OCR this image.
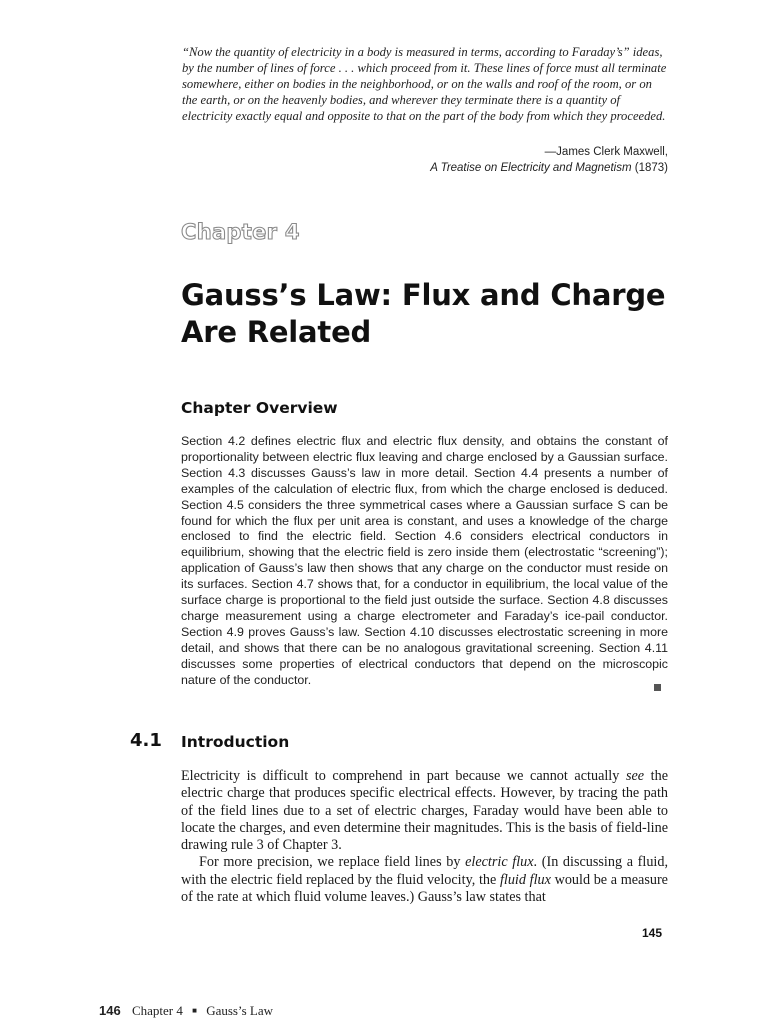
“Now the quantity of electricity in a body is measured in terms, according to Faraday’s” ideas, by the number of lines of force . . . which proceed from it. These lines of force must all terminate somewhere, either on bodies in the neighborhood, or on the walls and roof of the room, or on the earth, or on the heavenly bodies, and wherever they terminate there is a quantity of electricity exactly equal and opposite to that on the part of the body from which they proceeded.

—James Clerk Maxwell,
A Treatise on Electricity and Magnetism (1873)
Chapter 4
Gauss’s Law: Flux and Charge
Are Related
Chapter Overview

Section 4.2 defines electric flux and electric flux density, and obtains the constant of proportionality between electric flux leaving and charge enclosed by a Gaussian surface. Section 4.3 discusses Gauss’s law in more detail. Section 4.4 presents a number of examples of the calculation of electric flux, from which the charge enclosed is deduced. Section 4.5 considers the three symmetrical cases where a Gaussian surface S can be found for which the flux per unit area is constant, and uses a knowledge of the charge enclosed to find the electric field. Section 4.6 considers electrical conductors in equilibrium, showing that the electric field is zero inside them (electrostatic “screening”); application of Gauss’s law then shows that any charge on the conductor must reside on its surfaces. Section 4.7 shows that, for a conductor in equilibrium, the local value of the surface charge is proportional to the field just outside the surface. Section 4.8 discusses charge measurement using a charge electrometer and Faraday’s ice-pail conductor. Section 4.9 proves Gauss’s law. Section 4.10 discusses electrostatic screening in more detail, and shows that there can be no analogous gravitational screening. Section 4.11 discusses some properties of electrical conductors that depend on the microscopic nature of the conductor.

4.1 Introduction

Electricity is difficult to comprehend in part because we cannot actually see the electric charge that produces specific electrical effects. However, by tracing the path of the field lines due to a set of electric charges, Faraday would have been able to locate the charges, and even determine their magnitudes. This is the basis of field-line drawing rule 3 of Chapter 3.

For more precision, we replace field lines by electric flux. (In discussing a fluid, with the electric field replaced by the fluid velocity, the fluid flux would be a measure of the rate at which fluid volume leaves.) Gauss’s law states that

145
146 Chapter 4 ■ Gauss’s Law
